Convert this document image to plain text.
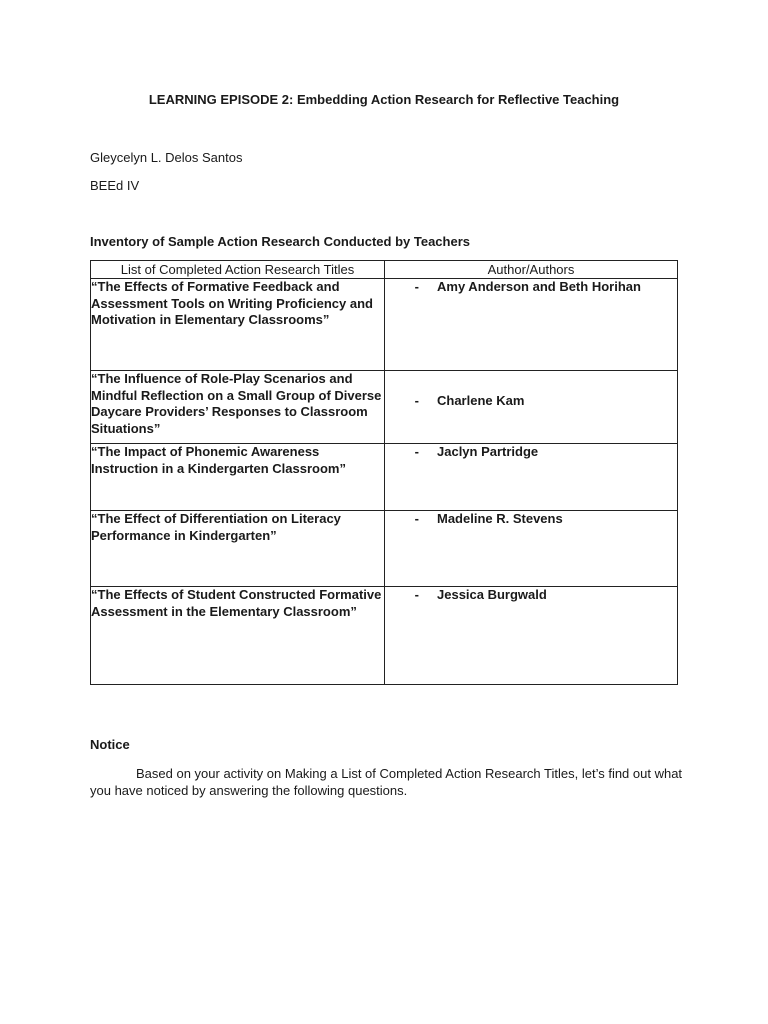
LEARNING EPISODE 2: Embedding Action Research for Reflective Teaching
Gleycelyn L. Delos Santos
BEEd IV
Inventory of Sample Action Research Conducted by Teachers
List of Completed Action Research Titles	Author/Authors
“The Effects of Formative Feedback and Assessment Tools on Writing Proficiency and Motivation in Elementary Classrooms”	- Amy Anderson and Beth Horihan

“The Influence of Role-Play Scenarios and Mindful Reflection on a Small Group of Diverse Daycare Providers’ Responses to Classroom Situations”	- Charlene Kam

“The Impact of Phonemic Awareness Instruction in a Kindergarten Classroom”	- Jaclyn Partridge

“The Effect of Differentiation on Literacy Performance in Kindergarten”	- Madeline R. Stevens

“The Effects of Student Constructed Formative Assessment in the Elementary Classroom”	- Jessica Burgwald
Notice
Based on your activity on Making a List of Completed Action Research Titles, let’s find out what you have noticed by answering the following questions.
